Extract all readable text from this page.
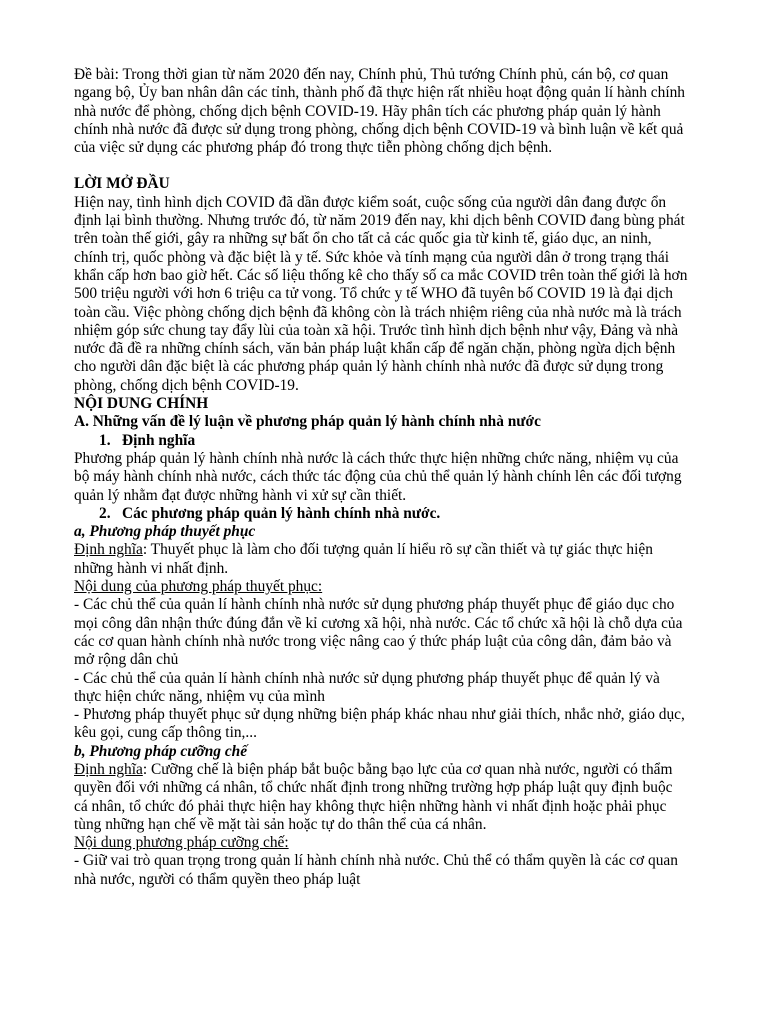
Đề bài: Trong thời gian từ năm 2020 đến nay, Chính phủ, Thủ tướng Chính phủ, cán bộ, cơ quan ngang bộ, Ủy ban nhân dân các tỉnh, thành phố đã thực hiện rất nhiều hoạt động quản lí hành chính nhà nước để phòng, chống dịch bệnh COVID-19. Hãy phân tích các phương pháp quản lý hành chính nhà nước đã được sử dụng trong phòng, chống dịch bệnh COVID-19 và bình luận về kết quả của việc sử dụng các phương pháp đó trong thực tiễn phòng chống dịch bệnh.

LỜI MỞ ĐẦU

Hiện nay, tình hình dịch COVID đã dần được kiểm soát, cuộc sống của người dân đang được ổn định lại bình thường. Nhưng trước đó, từ năm 2019 đến nay, khi dịch bênh COVID đang bùng phát trên toàn thế giới, gây ra những sự bất ổn cho tất cả các quốc gia từ kinh tế, giáo dục, an ninh, chính trị, quốc phòng và đặc biệt là y tế. Sức khỏe và tính mạng của người dân ở trong trạng thái khẩn cấp hơn bao giờ hết. Các số liệu thống kê cho thấy số ca mắc COVID trên toàn thế giới là hơn 500 triệu người với hơn 6 triệu ca tử vong. Tổ chức y tế WHO đã tuyên bố COVID 19 là đại dịch toàn cầu. Việc phòng chống dịch bệnh đã không còn là trách nhiệm riêng của nhà nước mà là trách nhiệm góp sức chung tay đẩy lùi của toàn xã hội. Trước tình hình dịch bệnh như vậy, Đảng và nhà nước đã đề ra những chính sách, văn bản pháp luật khẩn cấp để ngăn chặn, phòng ngừa dịch bệnh cho người dân đặc biệt là các phương pháp quản lý hành chính nhà nước đã được sử dụng trong phòng, chống dịch bệnh COVID-19.

NỘI DUNG CHÍNH

A. Những vấn đề lý luận về phương pháp quản lý hành chính nhà nước

1. Định nghĩa

Phương pháp quản lý hành chính nhà nước là cách thức thực hiện những chức năng, nhiệm vụ của bộ máy hành chính nhà nước, cách thức tác động của chủ thể quản lý hành chính lên các đối tượng quản lý nhằm đạt được những hành vi xử sự cần thiết.

2. Các phương pháp quản lý hành chính nhà nước.

a, Phương pháp thuyết phục

Định nghĩa: Thuyết phục là làm cho đối tượng quản lí hiểu rõ sự cần thiết và tự giác thực hiện những hành vi nhất định.

Nội dung của phương pháp thuyết phục:

- Các chủ thể của quản lí hành chính nhà nước sử dụng phương pháp thuyết phục để giáo dục cho mọi công dân nhận thức đúng đắn về kỉ cương xã hội, nhà nước. Các tổ chức xã hội là chỗ dựa của các cơ quan hành chính nhà nước trong việc nâng cao ý thức pháp luật của công dân, đảm bảo và mở rộng dân chủ

- Các chủ thể của quản lí hành chính nhà nước sử dụng phương pháp thuyết phục để quản lý và thực hiện chức năng, nhiệm vụ của mình

- Phương pháp thuyết phục sử dụng những biện pháp khác nhau như giải thích, nhắc nhở, giáo dục, kêu gọi, cung cấp thông tin,...

b, Phương pháp cưỡng chế

Định nghĩa: Cưỡng chế là biện pháp bắt buộc bằng bạo lực của cơ quan nhà nước, người có thẩm quyền đối với những cá nhân, tổ chức nhất định trong những trường hợp pháp luật quy định buộc cá nhân, tổ chức đó phải thực hiện hay không thực hiện những hành vi nhất định hoặc phải phục tùng những hạn chế về mặt tài sản hoặc tự do thân thể của cá nhân.

Nội dung phương pháp cưỡng chế:

- Giữ vai trò quan trọng trong quản lí hành chính nhà nước. Chủ thể có thẩm quyền là các cơ quan nhà nước, người có thẩm quyền theo pháp luật
